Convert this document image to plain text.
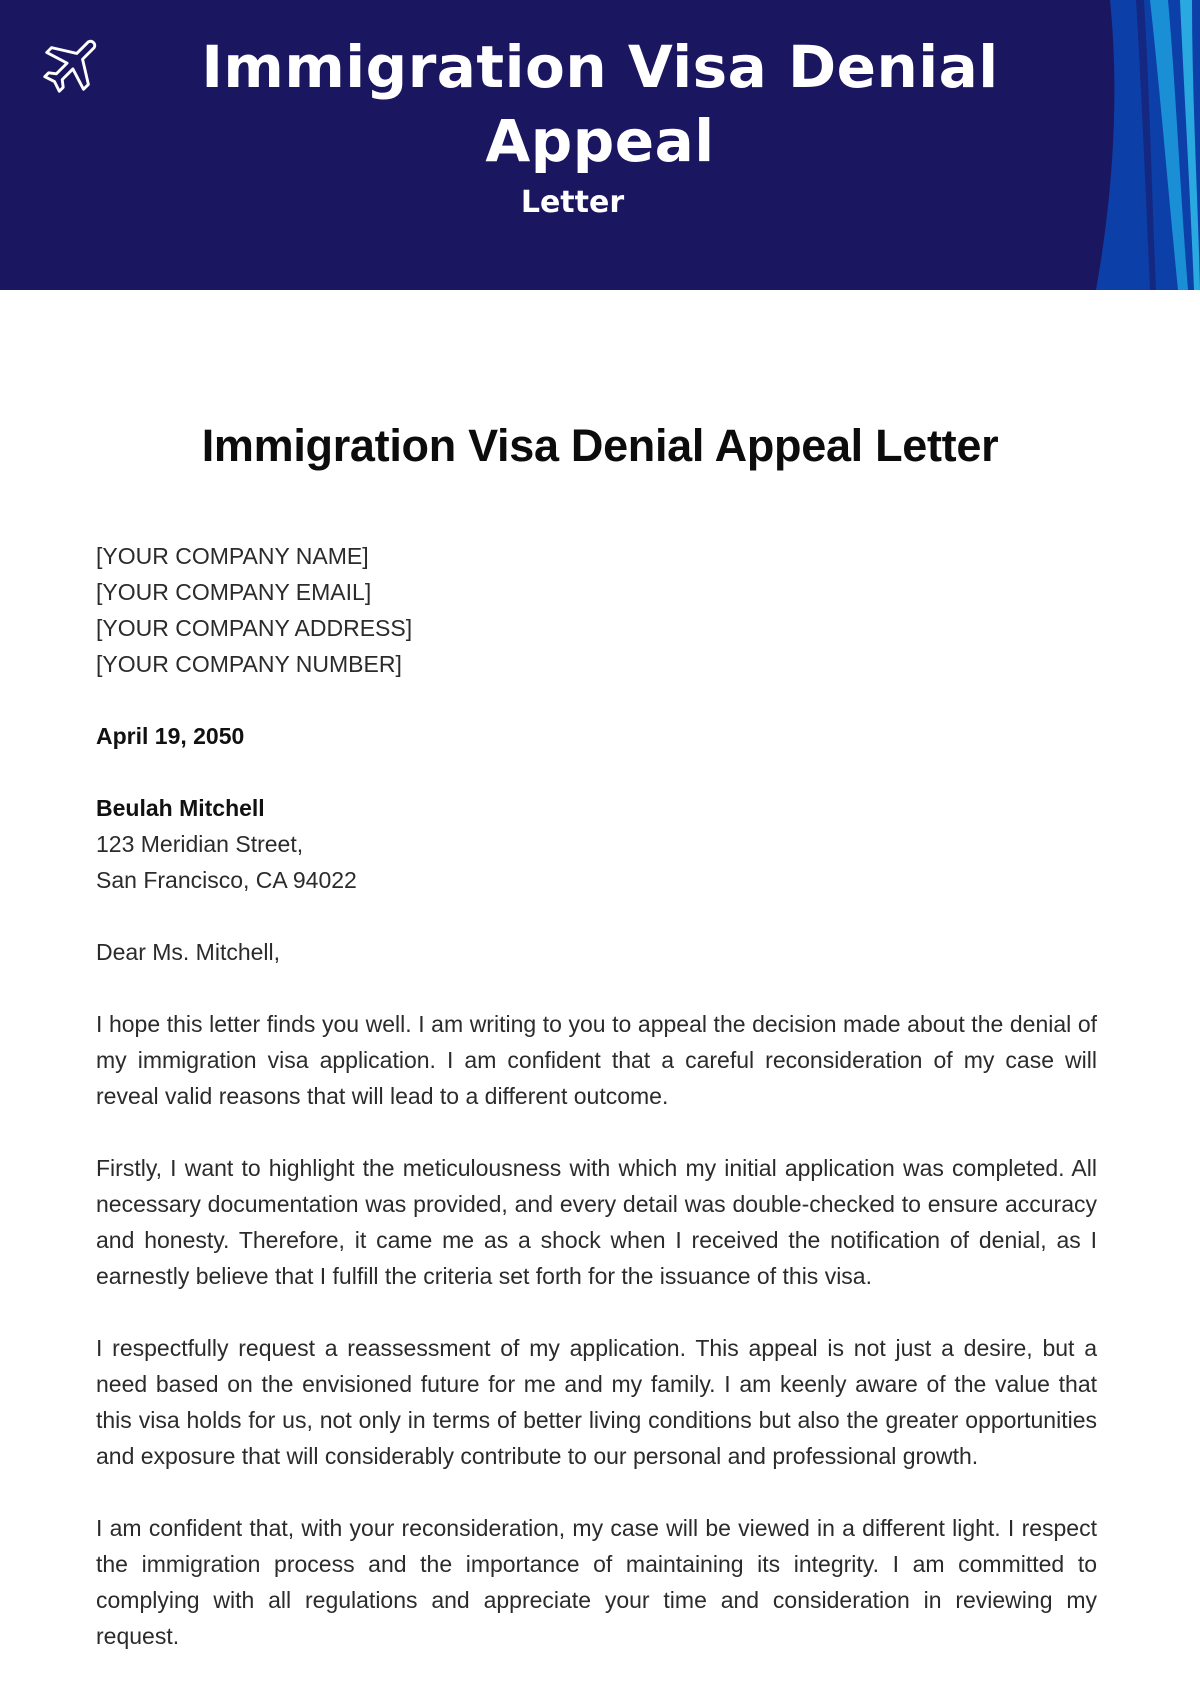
Immigration Visa Denial Appeal
Letter
Immigration Visa Denial Appeal Letter
[YOUR COMPANY NAME]
[YOUR COMPANY EMAIL]
[YOUR COMPANY ADDRESS]
[YOUR COMPANY NUMBER]
April 19, 2050
Beulah Mitchell
123 Meridian Street,
San Francisco, CA 94022
Dear Ms. Mitchell,

I hope this letter finds you well. I am writing to you to appeal the decision made about the denial of my immigration visa application. I am confident that a careful reconsideration of my case will reveal valid reasons that will lead to a different outcome.

Firstly, I want to highlight the meticulousness with which my initial application was completed. All necessary documentation was provided, and every detail was double-checked to ensure accuracy and honesty. Therefore, it came me as a shock when I received the notification of denial, as I earnestly believe that I fulfill the criteria set forth for the issuance of this visa.

I respectfully request a reassessment of my application. This appeal is not just a desire, but a need based on the envisioned future for me and my family. I am keenly aware of the value that this visa holds for us, not only in terms of better living conditions but also the greater opportunities and exposure that will considerably contribute to our personal and professional growth.

I am confident that, with your reconsideration, my case will be viewed in a different light. I respect the immigration process and the importance of maintaining its integrity. I am committed to complying with all regulations and appreciate your time and consideration in reviewing my request.
